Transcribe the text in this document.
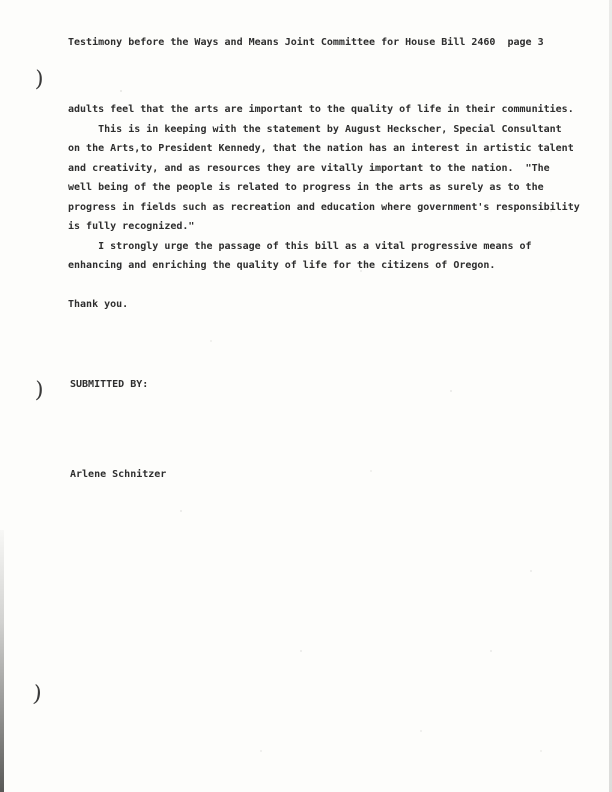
Testimony before the Ways and Means Joint Committee for House Bill 2460  page 3
)
adults feel that the arts are important to the quality of life in their communities.
This is in keeping with the statement by August Heckscher, Special Consultant
on the Arts,to President Kennedy, that the nation has an interest in artistic talent
and creativity, and as resources they are vitally important to the nation.  "The
well being of the people is related to progress in the arts as surely as to the
progress in fields such as recreation and education where government's responsibility
is fully recognized."
I strongly urge the passage of this bill as a vital progressive means of
enhancing and enriching the quality of life for the citizens of Oregon.
Thank you.
SUBMITTED BY:
)
Arlene Schnitzer
)
